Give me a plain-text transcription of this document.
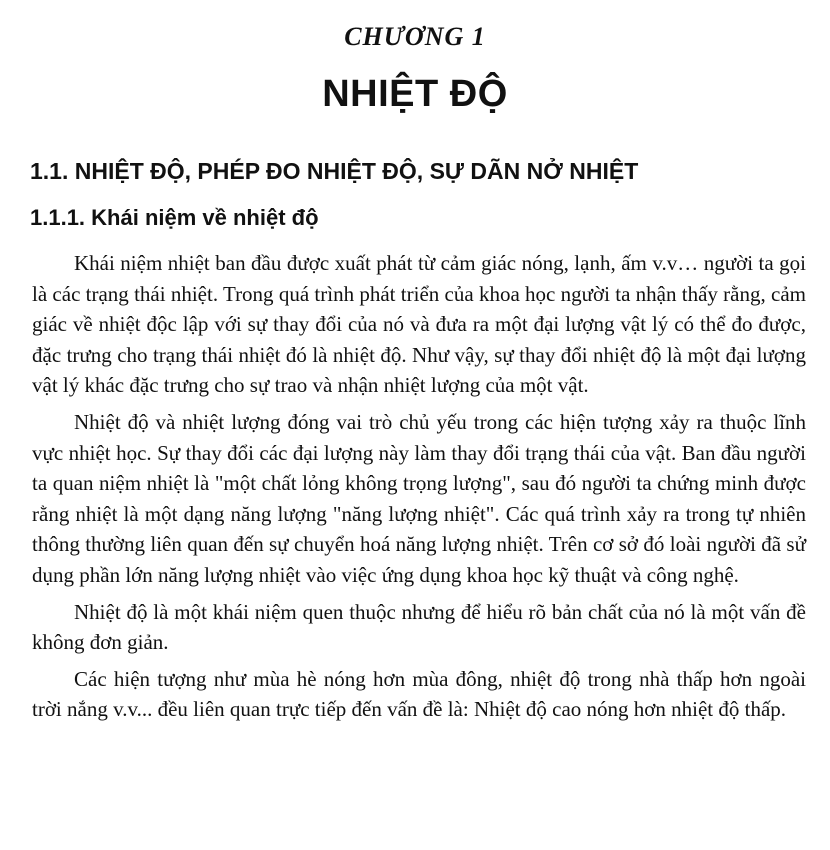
CHƯƠNG 1
NHIỆT ĐỘ
1.1. NHIỆT ĐỘ, PHÉP ĐO NHIỆT ĐỘ, SỰ DÃN NỞ NHIỆT
1.1.1. Khái niệm về nhiệt độ

Khái niệm nhiệt ban đầu được xuất phát từ cảm giác nóng, lạnh, ấm v.v… người ta gọi là các trạng thái nhiệt. Trong quá trình phát triển của khoa học người ta nhận thấy rằng, cảm giác về nhiệt độc lập với sự thay đổi của nó và đưa ra một đại lượng vật lý có thể đo được, đặc trưng cho trạng thái nhiệt đó là nhiệt độ. Như vậy, sự thay đổi nhiệt độ là một đại lượng vật lý khác đặc trưng cho sự trao và nhận nhiệt lượng của một vật.

Nhiệt độ và nhiệt lượng đóng vai trò chủ yếu trong các hiện tượng xảy ra thuộc lĩnh vực nhiệt học. Sự thay đổi các đại lượng này làm thay đổi trạng thái của vật. Ban đầu người ta quan niệm nhiệt là "một chất lỏng không trọng lượng", sau đó người ta chứng minh được rằng nhiệt là một dạng năng lượng "năng lượng nhiệt". Các quá trình xảy ra trong tự nhiên thông thường liên quan đến sự chuyển hoá năng lượng nhiệt. Trên cơ sở đó loài người đã sử dụng phần lớn năng lượng nhiệt vào việc ứng dụng khoa học kỹ thuật và công nghệ.

Nhiệt độ là một khái niệm quen thuộc nhưng để hiểu rõ bản chất của nó là một vấn đề không đơn giản.

Các hiện tượng như mùa hè nóng hơn mùa đông, nhiệt độ trong nhà thấp hơn ngoài trời nắng v.v... đều liên quan trực tiếp đến vấn đề là: Nhiệt độ cao nóng hơn nhiệt độ thấp.
